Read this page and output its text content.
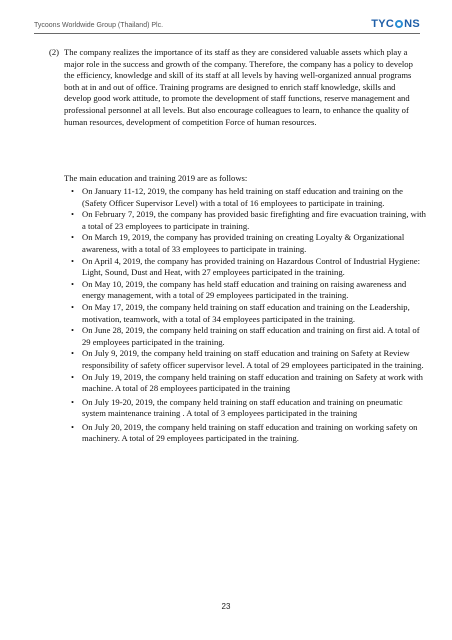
Tycoons Worldwide Group (Thailand) Plc.	TYC NS
(2) The company realizes the importance of its staff as they are considered valuable assets which play a major role in the success and growth of the company. Therefore, the company has a policy to develop the efficiency, knowledge and skill of its staff at all levels by having well-organized annual programs both at in and out of office. Training programs are designed to enrich staff knowledge, skills and develop good work attitude, to promote the development of staff functions, reserve management and professional personnel at all levels. But also encourage colleagues to learn, to enhance the quality of human resources, development of competition Force of human resources.
The main education and training 2019 are as follows:
• On January 11-12, 2019, the company has held training on staff education and training on the (Safety Officer Supervisor Level) with a total of 16 employees to participate in training.
• On February 7, 2019, the company has provided basic firefighting and fire evacuation training, with a total of 23 employees to participate in training.
• On March 19, 2019, the company has provided training on creating Loyalty & Organizational awareness, with a total of 33 employees to participate in training.
• On April 4, 2019, the company has provided training on Hazardous Control of Industrial Hygiene: Light, Sound, Dust and Heat, with 27 employees participated in the training.
• On May 10, 2019, the company has held staff education and training on raising awareness and energy management, with a total of 29 employees participated in the training.
• On May 17, 2019, the company held training on staff education and training on the Leadership, motivation, teamwork, with a total of 34 employees participated in the training.
• On June 28, 2019, the company held training on staff education and training on first aid. A total of 29 employees participated in the training.
• On July 9, 2019, the company held training on staff education and training on Safety at Review responsibility of safety officer supervisor level. A total of 29 employees participated in the training.
• On July 19, 2019, the company held training on staff education and training on Safety at work with machine. A total of 28 employees participated in the training
• On July 19-20, 2019, the company held training on staff education and training on pneumatic system maintenance training . A total of 3 employees participated in the training
• On July 20, 2019, the company held training on staff education and training on working safety on machinery. A total of 29 employees participated in the training.
23
